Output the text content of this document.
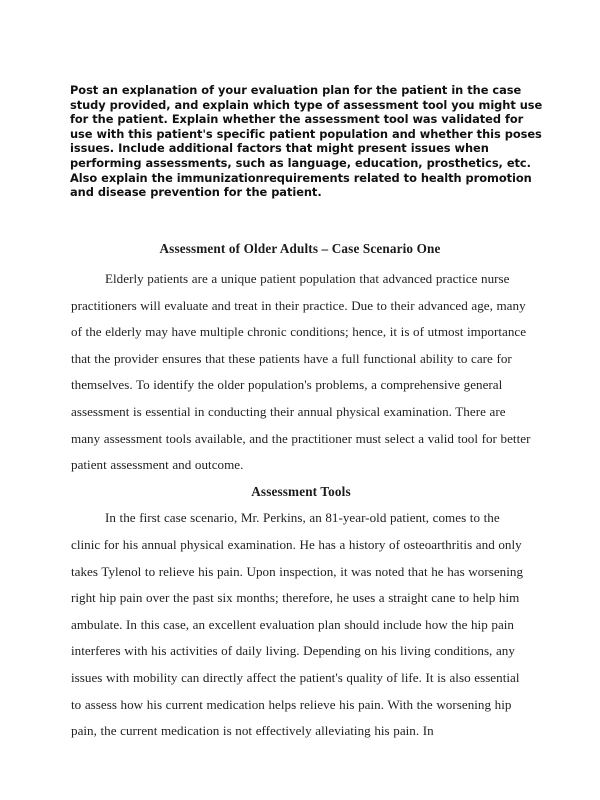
Post an explanation of your evaluation plan for the patient in the case study provided, and explain which type of assessment tool you might use for the patient. Explain whether the assessment tool was validated for use with this patient's specific patient population and whether this poses issues. Include additional factors that might present issues when performing assessments, such as language, education, prosthetics, etc. Also explain the immunizationrequirements related to health promotion and disease prevention for the patient.
Assessment of Older Adults – Case Scenario One

Elderly patients are a unique patient population that advanced practice nurse practitioners will evaluate and treat in their practice. Due to their advanced age, many of the elderly may have multiple chronic conditions; hence, it is of utmost importance that the provider ensures that these patients have a full functional ability to care for themselves. To identify the older population's problems, a comprehensive general assessment is essential in conducting their annual physical examination. There are many assessment tools available, and the practitioner must select a valid tool for better patient assessment and outcome.

Assessment Tools

In the first case scenario, Mr. Perkins, an 81-year-old patient, comes to the clinic for his annual physical examination. He has a history of osteoarthritis and only takes Tylenol to relieve his pain. Upon inspection, it was noted that he has worsening right hip pain over the past six months; therefore, he uses a straight cane to help him ambulate. In this case, an excellent evaluation plan should include how the hip pain interferes with his activities of daily living. Depending on his living conditions, any issues with mobility can directly affect the patient's quality of life. It is also essential to assess how his current medication helps relieve his pain. With the worsening hip pain, the current medication is not effectively alleviating his pain. In
